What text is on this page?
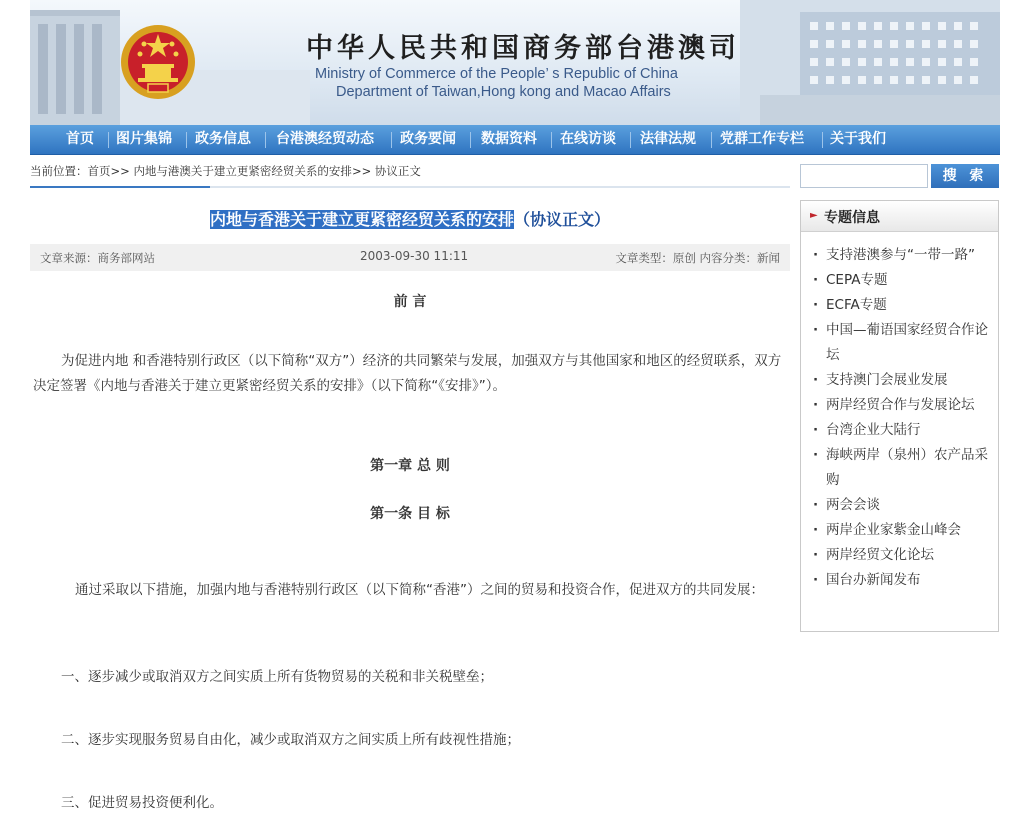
中华人民共和国商务部台港澳司
Ministry of Commerce of the People’ s Republic of China
Department of Taiwan,Hong kong and Macao Affairs
首页 图片集锦 政务信息 台港澳经贸动态 政务要闻 数据资料 在线访谈 法律法规 党群工作专栏 关于我们
当前位置：首页>> 内地与港澳关于建立更紧密经贸关系的安排>> 协议正文
内地与香港关于建立更紧密经贸关系的安排（协议正文）
文章来源：商务部网站	2003-09-30 11:11	文章类型：原创 内容分类：新闻
前 言
为促进内地 和香港特别行政区（以下简称“双方”）经济的共同繁荣与发展，加强双方与其他国家和地区的经贸联系，双方决定签署《内地与香港关于建立更紧密经贸关系的安排》（以下简称“《安排》”）。
第一章 总 则
第一条 目 标
通过采取以下措施，加强内地与香港特别行政区（以下简称“香港”）之间的贸易和投资合作，促进双方的共同发展：
一、逐步减少或取消双方之间实质上所有货物贸易的关税和非关税壁垒；
二、逐步实现服务贸易自由化，减少或取消双方之间实质上所有歧视性措施；
三、促进贸易投资便利化。
搜 索
► 专题信息
· 支持港澳参与“一带一路”
· CEPA专题
· ECFA专题
· 中国—葡语国家经贸合作论坛
· 支持澳门会展业发展
· 两岸经贸合作与发展论坛
· 台湾企业大陆行
· 海峡两岸（泉州）农产品采购
· 两会会谈
· 两岸企业家紫金山峰会
· 两岸经贸文化论坛
· 国台办新闻发布
